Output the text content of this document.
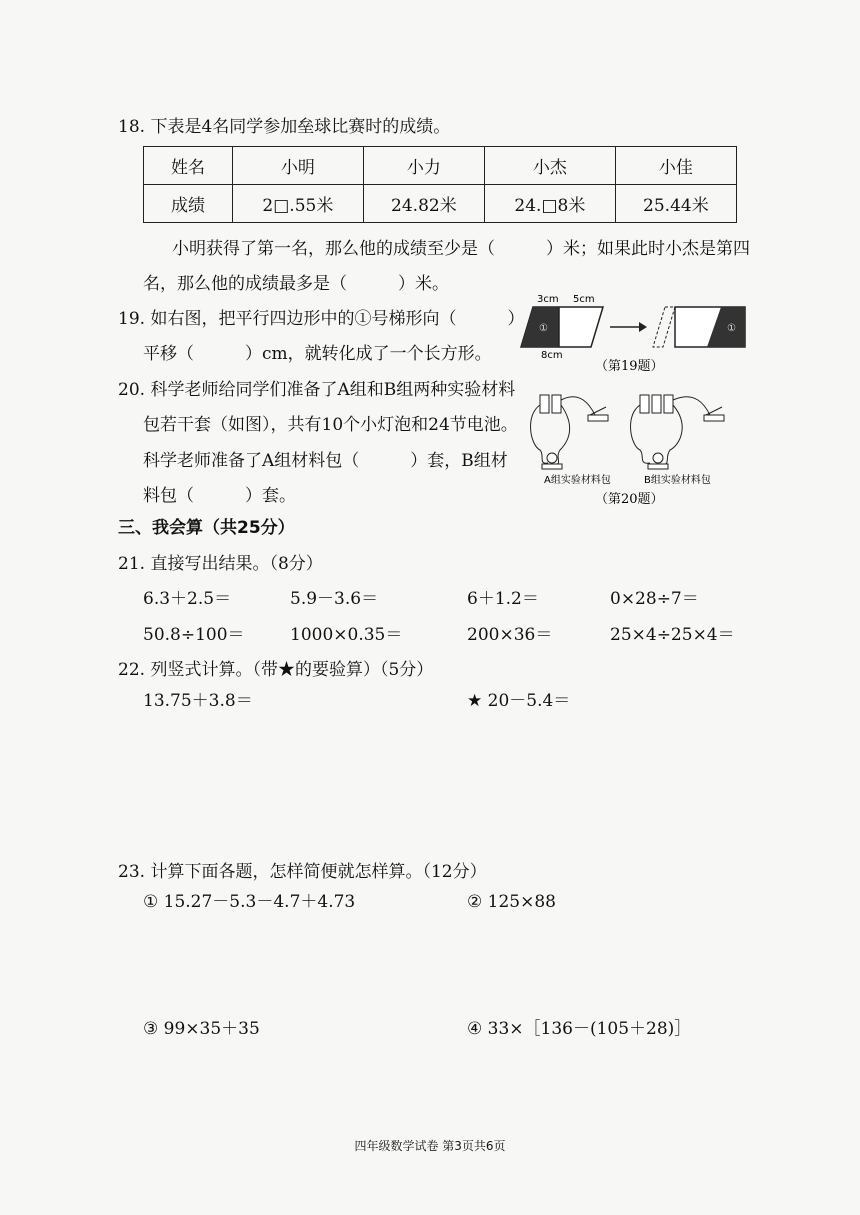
18. 下表是4名同学参加垒球比赛时的成绩。
姓名	小明	小力	小杰	小佳
成绩	2□.55米	24.82米	24.□8米	25.44米
小明获得了第一名，那么他的成绩至少是（　　　）米；如果此时小杰是第四
名，那么他的成绩最多是（　　　）米。
19. 如右图，把平行四边形中的①号梯形向（　　　）
平移（　　　）cm，就转化成了一个长方形。
3cm 5cm
①
8cm
①
（第19题）
20. 科学老师给同学们准备了A组和B组两种实验材料
包若干套（如图），共有10个小灯泡和24节电池。
科学老师准备了A组材料包（　　　）套，B组材
料包（　　　）套。
A组实验材料包	B组实验材料包
（第20题）
三、我会算（共25分）
21. 直接写出结果。（8分）
6.3＋2.5＝	5.9－3.6＝	6＋1.2＝	0×28÷7＝
50.8÷100＝	1000×0.35＝	200×36＝	25×4÷25×4＝
22. 列竖式计算。（带★的要验算）（5分）
13.75＋3.8＝	★ 20－5.4＝
23. 计算下面各题，怎样简便就怎样算。（12分）
① 15.27－5.3－4.7＋4.73	② 125×88
③ 99×35＋35	④ 33×［136－(105＋28)］
四年级数学试卷 第3页共6页
